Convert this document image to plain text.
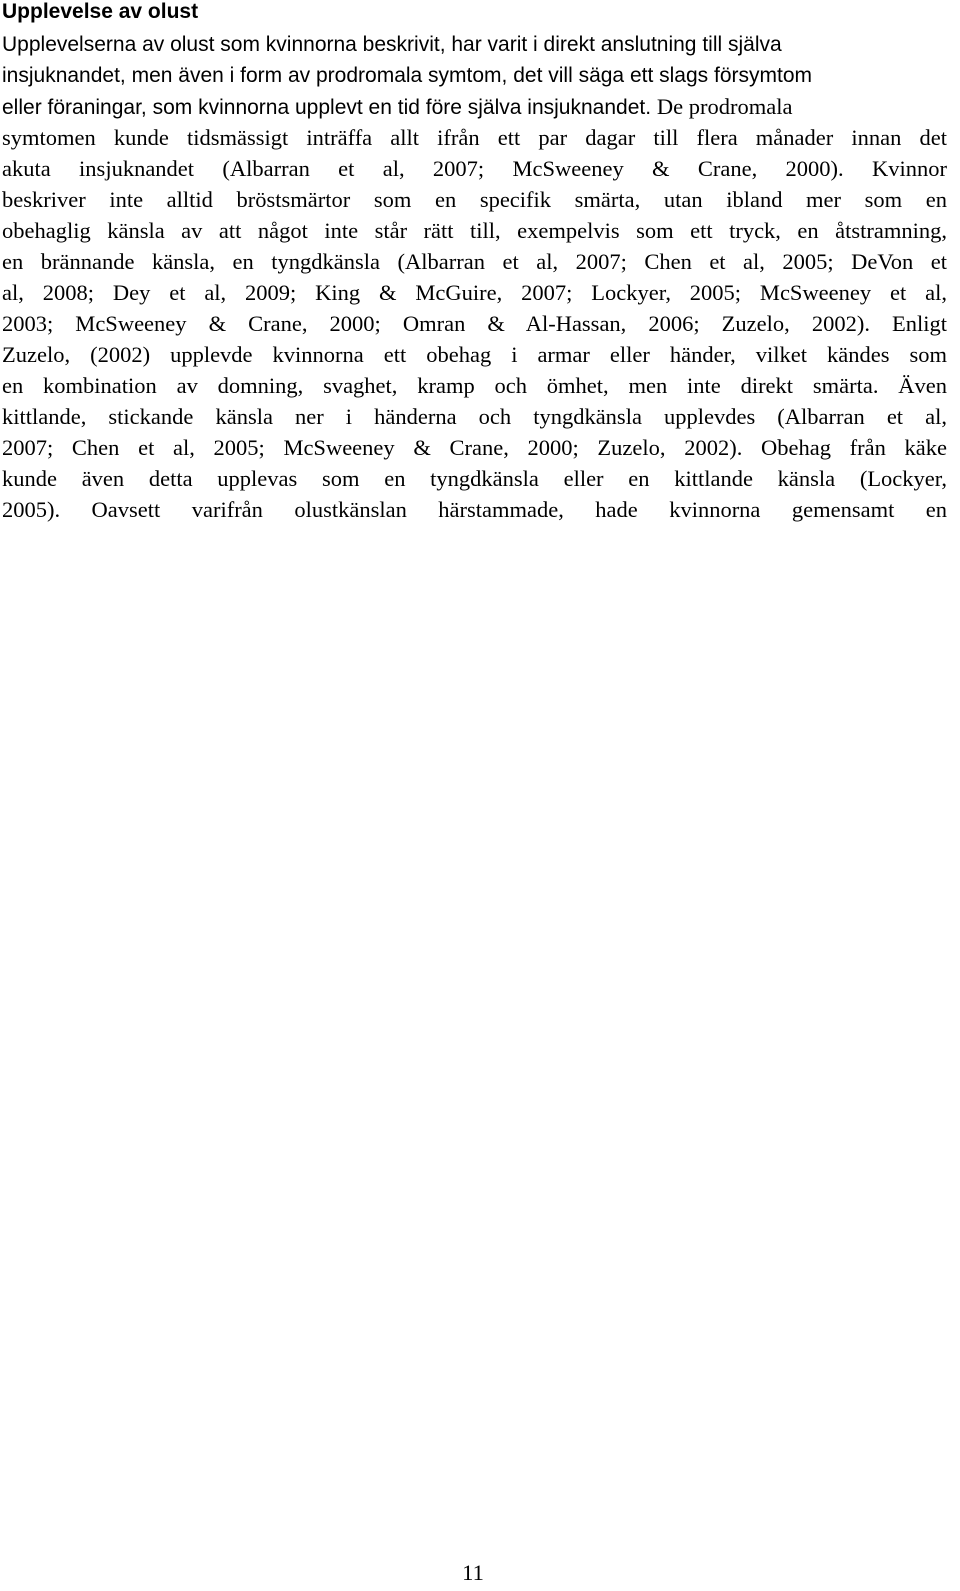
Upplevelse av olust
Upplevelserna av olust som kvinnorna beskrivit, har varit i direkt anslutning till själva
insjuknandet, men även i form av prodromala symtom, det vill säga ett slags försymtom
eller föraningar, som kvinnorna upplevt en tid före själva insjuknandet. De prodromala
symtomen kunde tidsmässigt inträffa allt ifrån ett par dagar till flera månader innan det
akuta insjuknandet (Albarran et al, 2007; McSweeney & Crane, 2000). Kvinnor
beskriver inte alltid bröstsmärtor som en specifik smärta, utan ibland mer som en
obehaglig känsla av att något inte står rätt till, exempelvis som ett tryck, en åtstramning,
en brännande känsla, en tyngdkänsla (Albarran et al, 2007; Chen et al, 2005; DeVon et
al, 2008; Dey et al, 2009; King & McGuire, 2007; Lockyer, 2005; McSweeney et al,
2003; McSweeney & Crane, 2000; Omran & Al-Hassan, 2006; Zuzelo, 2002). Enligt
Zuzelo, (2002) upplevde kvinnorna ett obehag i armar eller händer, vilket kändes som
en kombination av domning, svaghet, kramp och ömhet, men inte direkt smärta. Även
kittlande, stickande känsla ner i händerna och tyngdkänsla upplevdes (Albarran et al,
2007; Chen et al, 2005; McSweeney & Crane, 2000; Zuzelo, 2002). Obehag från käke
kunde även detta upplevas som en tyngdkänsla eller en kittlande känsla (Lockyer,
2005). Oavsett varifrån olustkänslan härstammade, hade kvinnorna gemensamt en
11
